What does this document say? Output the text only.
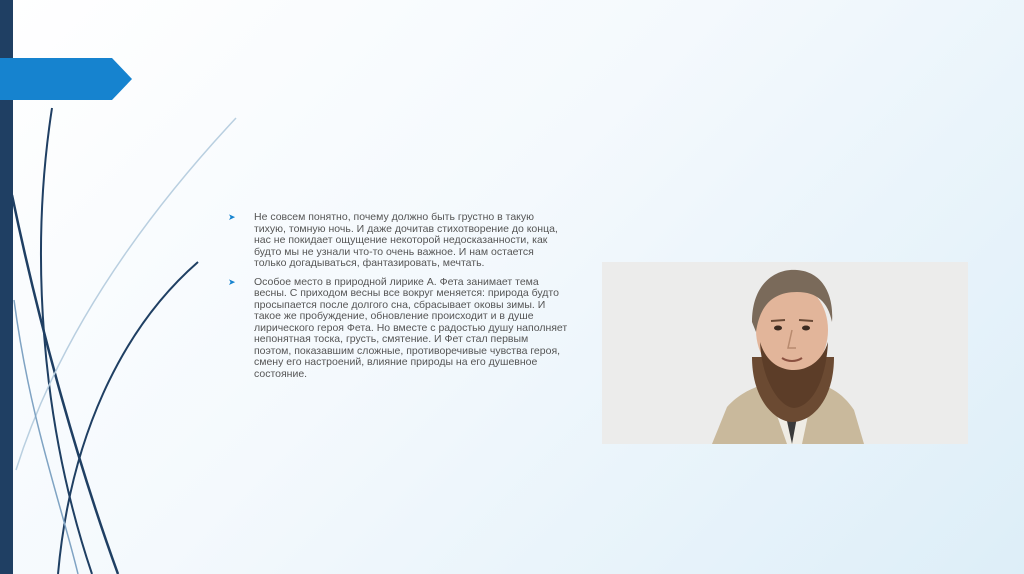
➤ Не совсем понятно, почему должно быть грустно в такую тихую, томную ночь. И даже дочитав стихотворение до конца, нас не покидает ощущение некоторой недосказанности, как будто мы не узнали что-то очень важное. И нам остается только догадываться, фантазировать, мечтать.
➤ Особое место в природной лирике А. Фета занимает тема весны. С приходом весны все вокруг меняется: природа будто просыпается после долгого сна, сбрасывает оковы зимы. И такое же пробуждение, обновление происходит и в душе лирического героя Фета. Но вместе с радостью душу наполняет непонятная тоска, грусть, смятение. И Фет стал первым поэтом, показавшим сложные, противоречивые чувства героя, смену его настроений, влияние природы на его душевное состояние.
